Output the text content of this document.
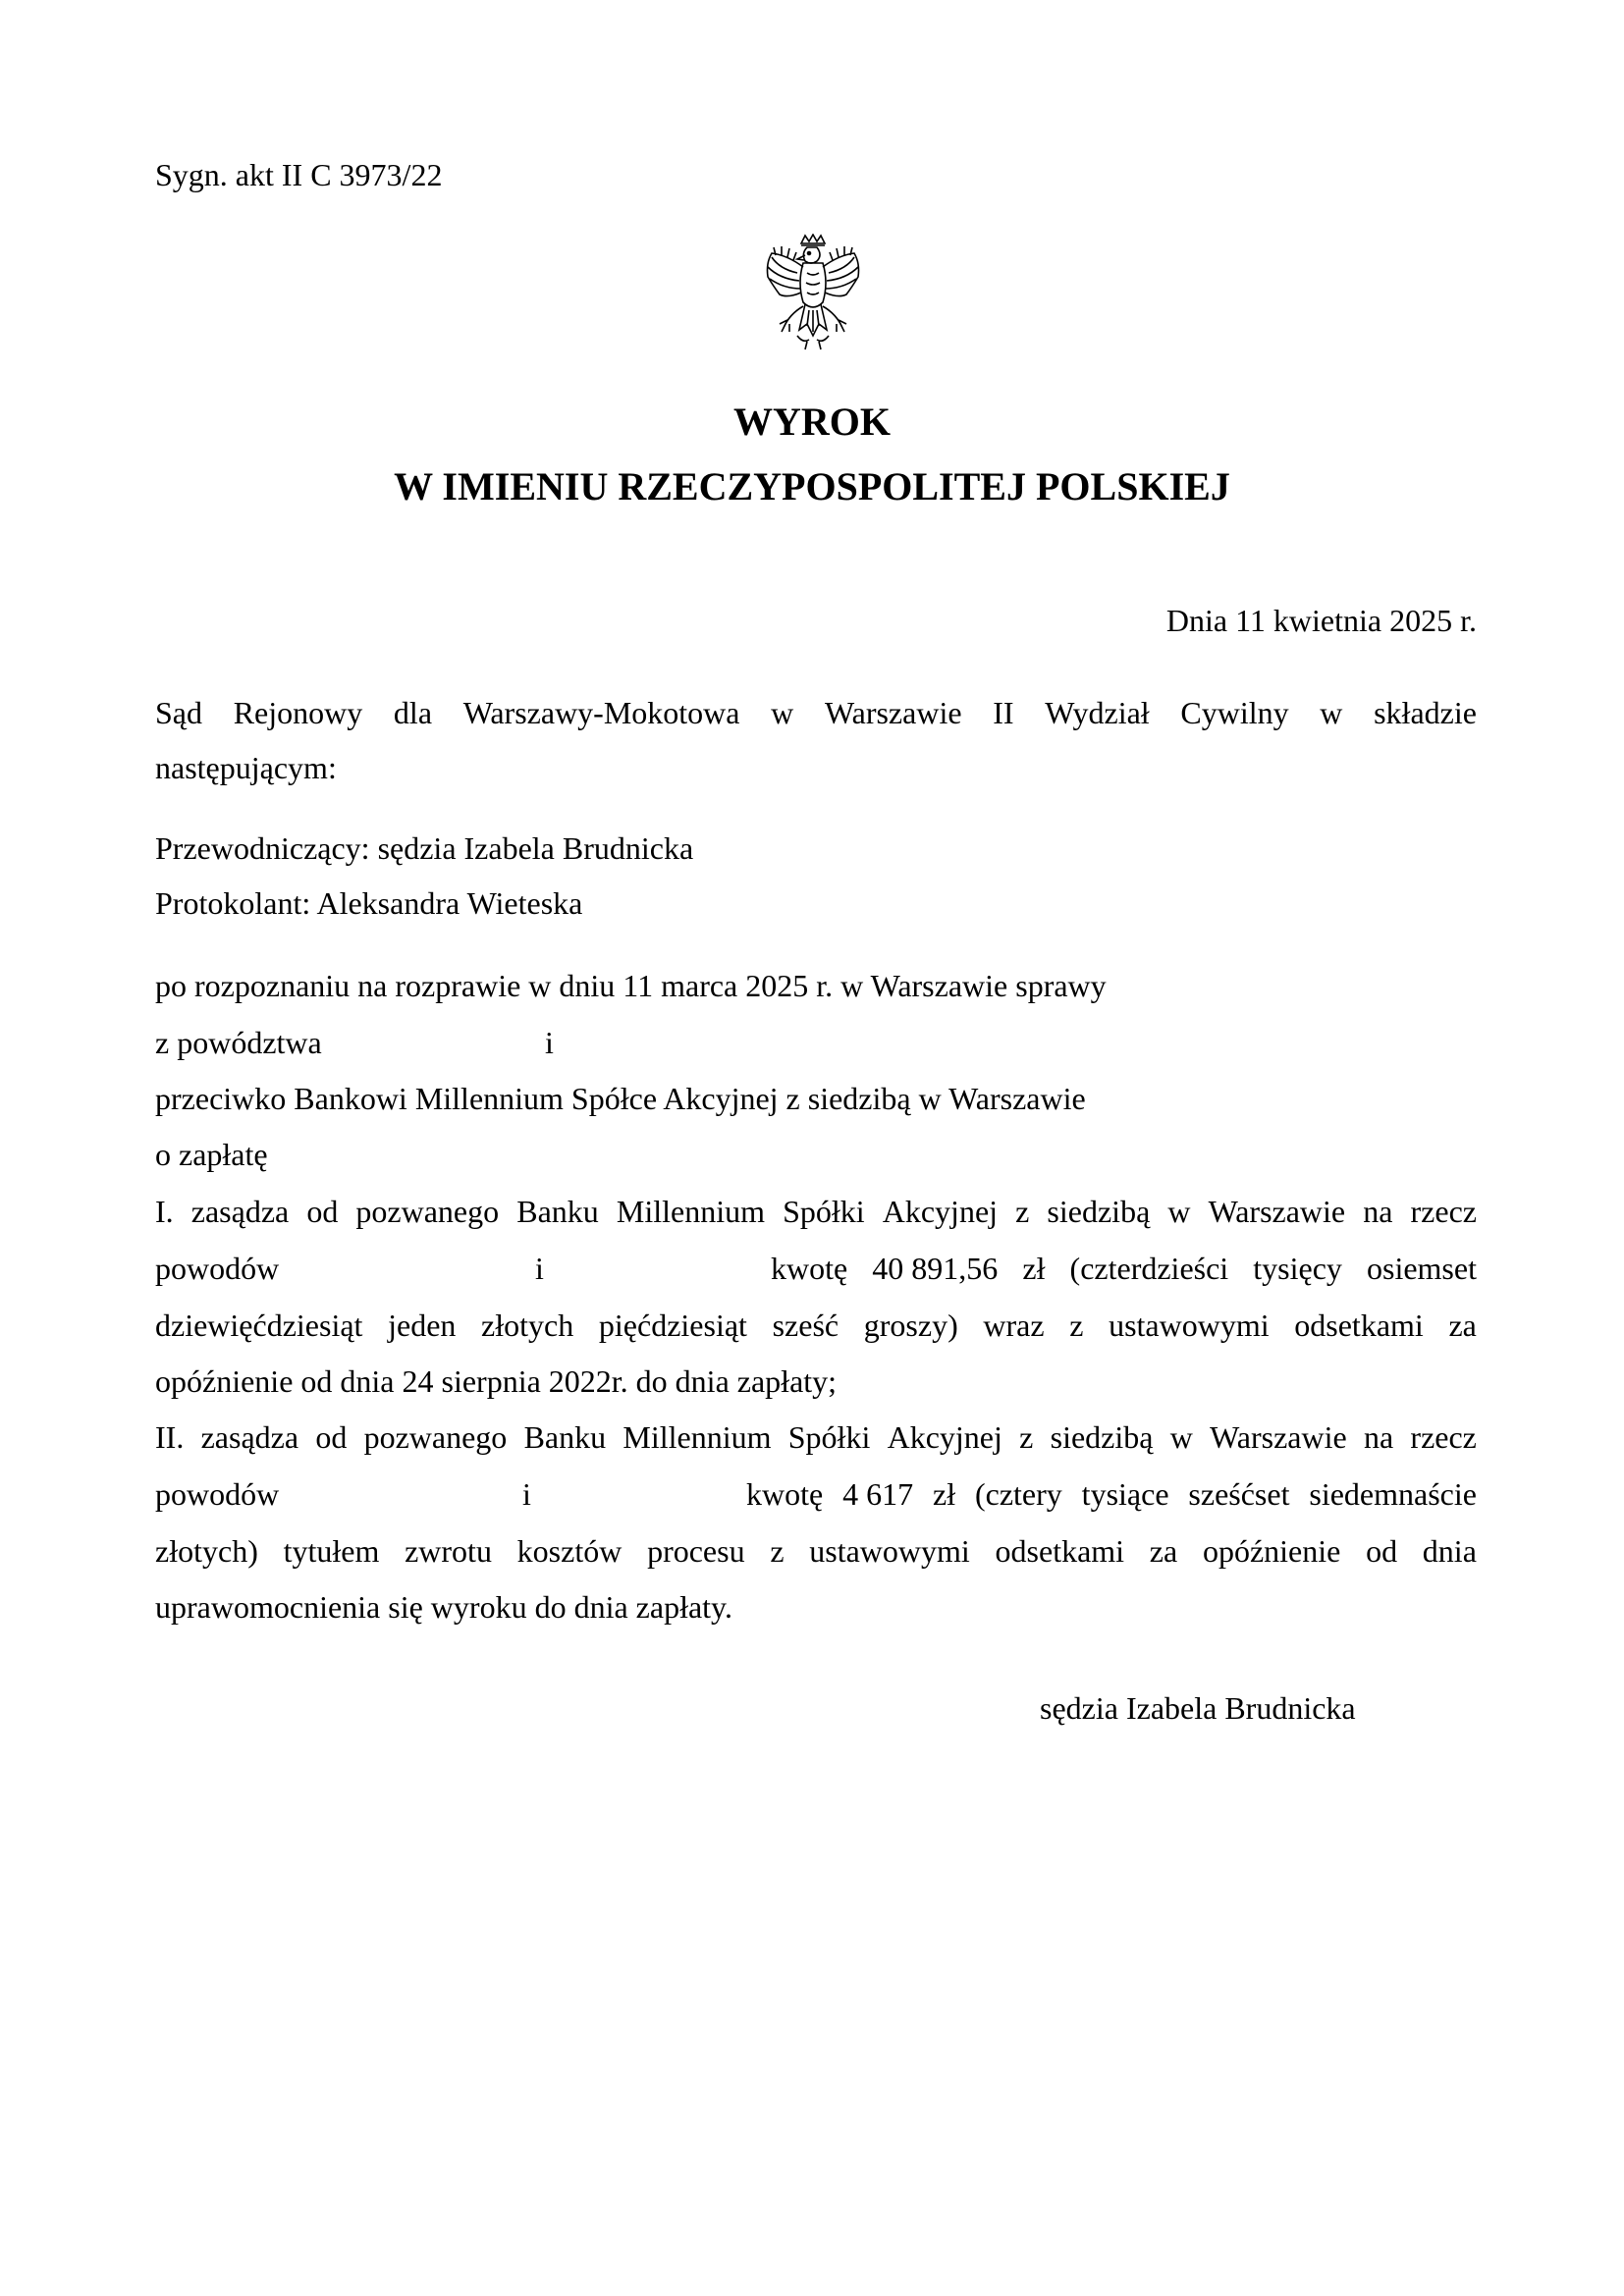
Sygn. akt II C 3973/22
WYROK
W IMIENIU RZECZYPOSPOLITEJ POLSKIEJ
Dnia 11 kwietnia 2025 r.
Sąd Rejonowy dla Warszawy-Mokotowa w Warszawie II Wydział Cywilny w składzie
następującym:
Przewodniczący: sędzia Izabela Brudnicka
Protokolant: Aleksandra Wieteska
po rozpoznaniu na rozprawie w dniu 11 marca 2025 r. w Warszawie sprawy
z powództwa	i
przeciwko Bankowi Millennium Spółce Akcyjnej z siedzibą w Warszawie
o zapłatę
I. zasądza od pozwanego Banku Millennium Spółki Akcyjnej z siedzibą w Warszawie na rzecz
powodów	i	kwotę 40 891,56 zł (czterdzieści tysięcy osiemset
dziewięćdziesiąt jeden złotych pięćdziesiąt sześć groszy) wraz z ustawowymi odsetkami za
opóźnienie od dnia 24 sierpnia 2022r. do dnia zapłaty;
II. zasądza od pozwanego Banku Millennium Spółki Akcyjnej z siedzibą w Warszawie na rzecz
powodów	i	kwotę 4 617 zł (cztery tysiące sześćset siedemnaście
złotych) tytułem zwrotu kosztów procesu z ustawowymi odsetkami za opóźnienie od dnia
uprawomocnienia się wyroku do dnia zapłaty.
sędzia Izabela Brudnicka
